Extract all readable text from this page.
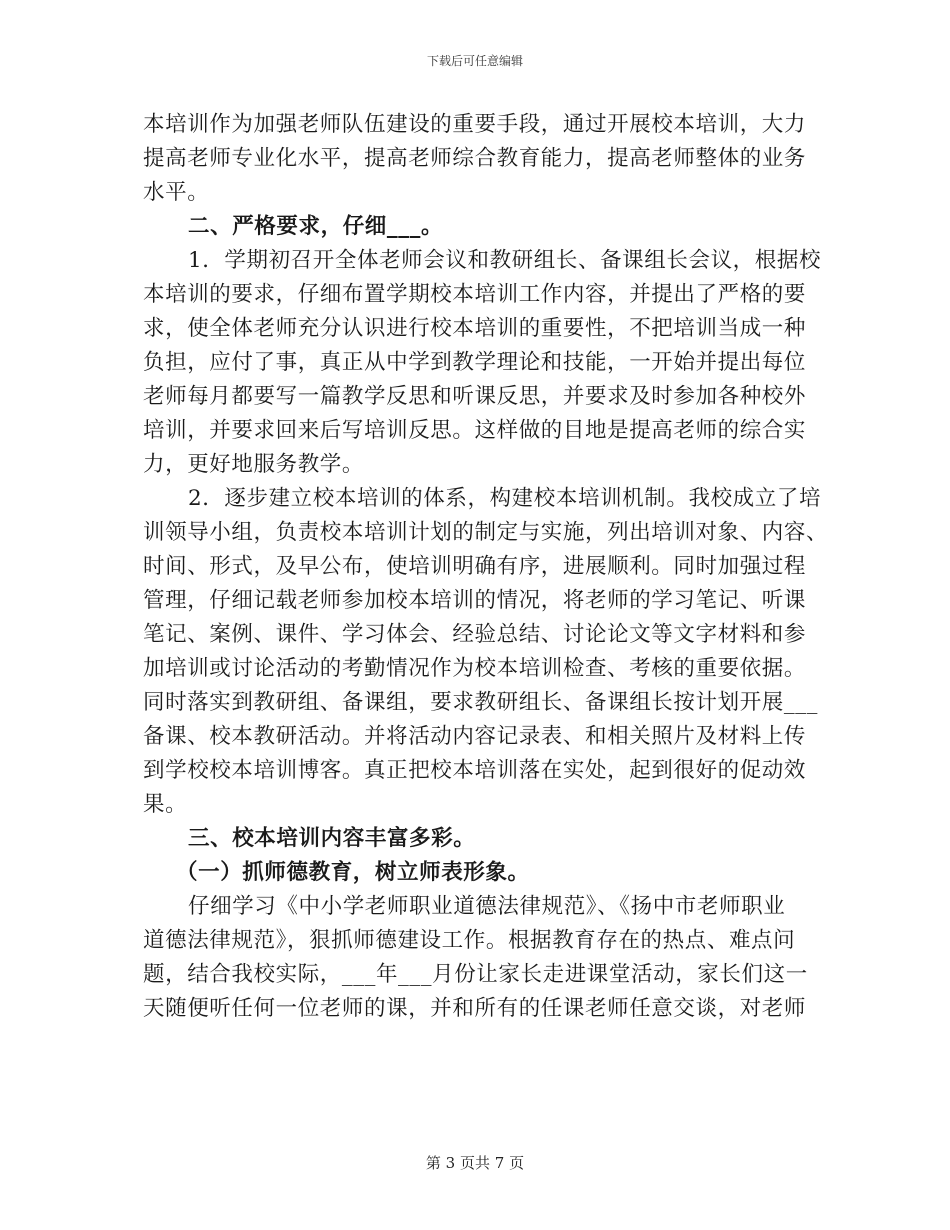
下载后可任意编辑
本培训作为加强老师队伍建设的重要手段，通过开展校本培训，大力
提高老师专业化水平，提高老师综合教育能力，提高老师整体的业务
水平。
二、严格要求，仔细___。
1．学期初召开全体老师会议和教研组长、备课组长会议，根据校
本培训的要求，仔细布置学期校本培训工作内容，并提出了严格的要
求，使全体老师充分认识进行校本培训的重要性，不把培训当成一种
负担，应付了事，真正从中学到教学理论和技能，一开始并提出每位
老师每月都要写一篇教学反思和听课反思，并要求及时参加各种校外
培训，并要求回来后写培训反思。这样做的目地是提高老师的综合实
力，更好地服务教学。
2．逐步建立校本培训的体系，构建校本培训机制。我校成立了培
训领导小组，负责校本培训计划的制定与实施，列出培训对象、内容、
时间、形式，及早公布，使培训明确有序，进展顺利。同时加强过程
管理，仔细记载老师参加校本培训的情况，将老师的学习笔记、听课
笔记、案例、课件、学习体会、经验总结、讨论论文等文字材料和参
加培训或讨论活动的考勤情况作为校本培训检查、考核的重要依据。
同时落实到教研组、备课组，要求教研组长、备课组长按计划开展___
备课、校本教研活动。并将活动内容记录表、和相关照片及材料上传
到学校校本培训博客。真正把校本培训落在实处，起到很好的促动效
果。
三、校本培训内容丰富多彩。
（一）抓师德教育，树立师表形象。
仔细学习《中小学老师职业道德法律规范》、《扬中市老师职业
道德法律规范》，狠抓师德建设工作。根据教育存在的热点、难点问
题，结合我校实际，___年___月份让家长走进课堂活动，家长们这一
天随便听任何一位老师的课，并和所有的任课老师任意交谈，对老师
第 3 页共 7 页
